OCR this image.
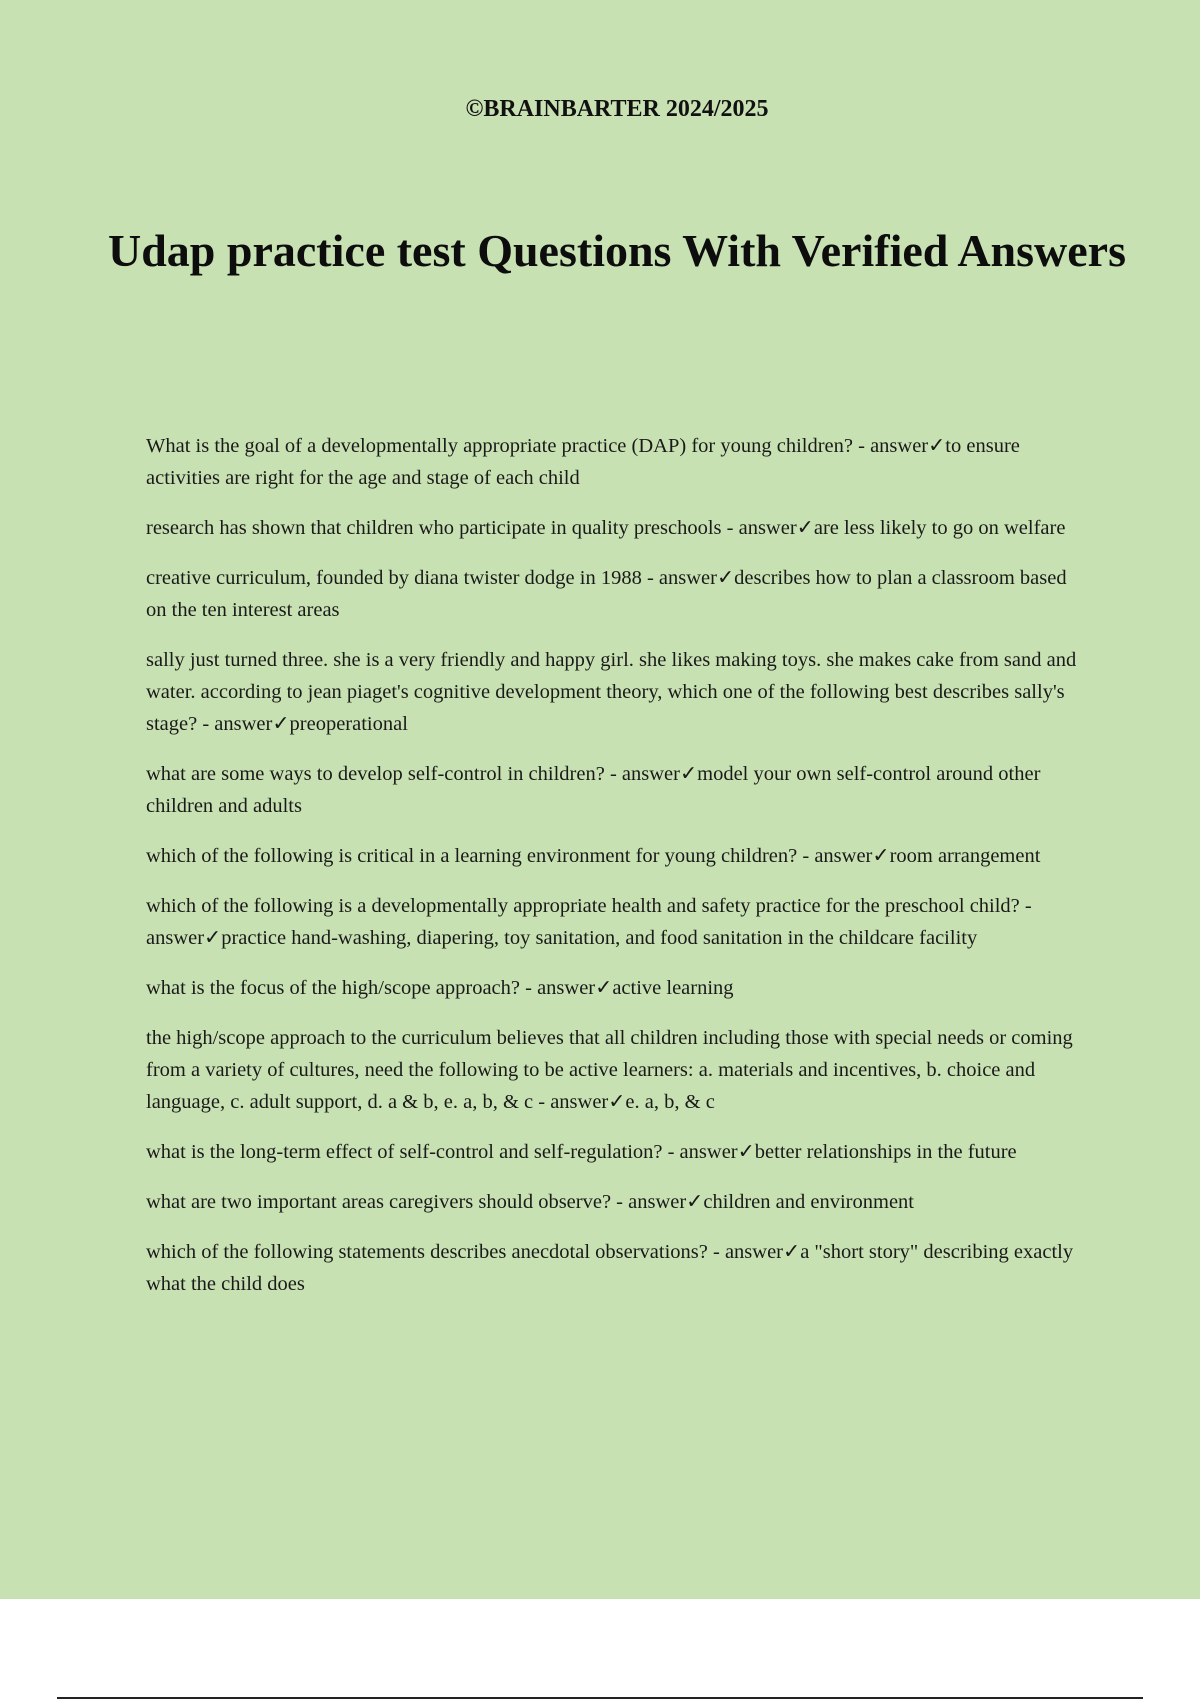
©BRAINBARTER 2024/2025
Udap practice test Questions With Verified Answers
What is the goal of a developmentally appropriate practice (DAP) for young children? - answer✓to ensure activities are right for the age and stage of each child
research has shown that children who participate in quality preschools - answer✓are less likely to go on welfare
creative curriculum, founded by diana twister dodge in 1988 - answer✓describes how to plan a classroom based on the ten interest areas
sally just turned three. she is a very friendly and happy girl. she likes making toys. she makes cake from sand and water. according to jean piaget's cognitive development theory, which one of the following best describes sally's stage? - answer✓preoperational
what are some ways to develop self-control in children? - answer✓model your own self-control around other children and adults
which of the following is critical in a learning environment for young children? - answer✓room arrangement
which of the following is a developmentally appropriate health and safety practice for the preschool child? - answer✓practice hand-washing, diapering, toy sanitation, and food sanitation in the childcare facility
what is the focus of the high/scope approach? - answer✓active learning
the high/scope approach to the curriculum believes that all children including those with special needs or coming from a variety of cultures, need the following to be active learners: a. materials and incentives, b. choice and language, c. adult support, d. a & b, e. a, b, & c - answer✓e. a, b, & c
what is the long-term effect of self-control and self-regulation? - answer✓better relationships in the future
what are two important areas caregivers should observe? - answer✓children and environment
which of the following statements describes anecdotal observations? - answer✓a "short story" describing exactly what the child does
